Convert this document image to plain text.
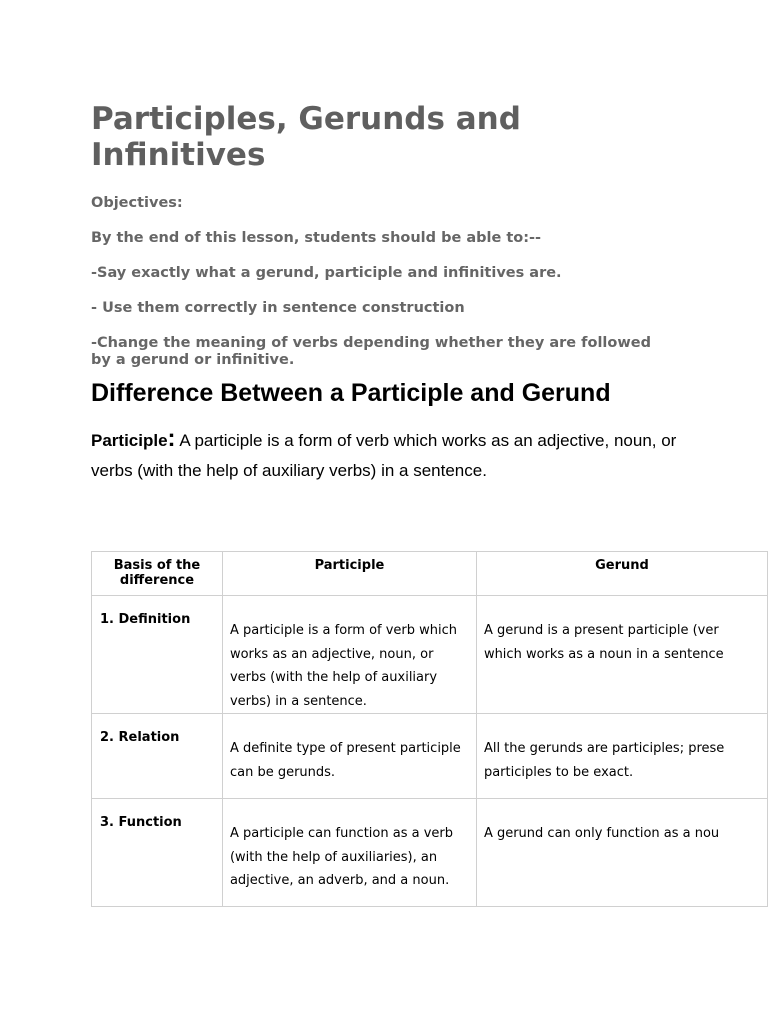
Participles, Gerunds and Infinitives

Objectives:

By the end of this lesson, students should be able to:--

-Say exactly what a gerund, participle and infinitives are.

- Use them correctly in sentence construction

-Change the meaning of verbs depending whether they are followed by a gerund or infinitive.

Difference Between a Participle and Gerund

Participle: A participle is a form of verb which works as an adjective, noun, or verbs (with the help of auxiliary verbs) in a sentence.

Basis of the difference	Participle	Gerund
1. Definition	A participle is a form of verb which works as an adjective, noun, or verbs (with the help of auxiliary verbs) in a sentence.	A gerund is a present participle (ver
which works as a noun in a sentence

2. Relation	A definite type of present participle can be gerunds.	All the gerunds are participles; prese
participles to be exact.

3. Function	A participle can function as a verb (with the help of auxiliaries), an adjective, an adverb, and a noun.	A gerund can only function as a nou
